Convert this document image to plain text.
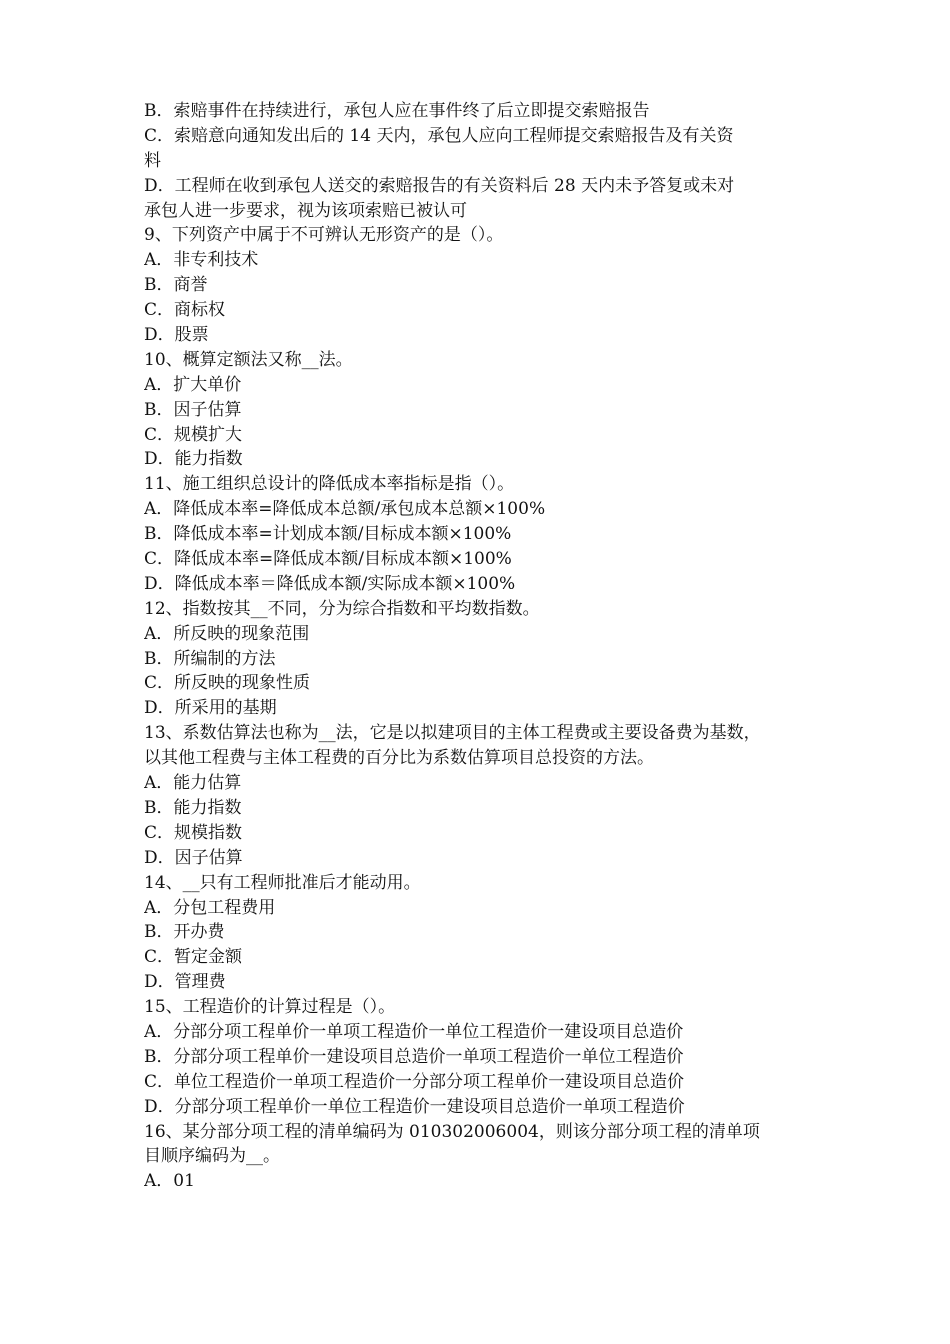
B．索赔事件在持续进行，承包人应在事件终了后立即提交索赔报告
C．索赔意向通知发出后的 14 天内，承包人应向工程师提交索赔报告及有关资
料
D．工程师在收到承包人送交的索赔报告的有关资料后 28 天内未予答复或未对
承包人进一步要求，视为该项索赔已被认可
9、下列资产中属于不可辨认无形资产的是（）。
A．非专利技术
B．商誉
C．商标权
D．股票
10、概算定额法又称__法。
A．扩大单价
B．因子估算
C．规模扩大
D．能力指数
11、施工组织总设计的降低成本率指标是指（）。
A．降低成本率=降低成本总额/承包成本总额×100%
B．降低成本率=计划成本额/目标成本额×100%
C．降低成本率=降低成本额/目标成本额×100%
D．降低成本率＝降低成本额/实际成本额×100%
12、指数按其__不同，分为综合指数和平均数指数。
A．所反映的现象范围
B．所编制的方法
C．所反映的现象性质
D．所采用的基期
13、系数估算法也称为__法，它是以拟建项目的主体工程费或主要设备费为基数，
以其他工程费与主体工程费的百分比为系数估算项目总投资的方法。
A．能力估算
B．能力指数
C．规模指数
D．因子估算
14、__只有工程师批准后才能动用。
A．分包工程费用
B．开办费
C．暂定金额
D．管理费
15、工程造价的计算过程是（）。
A．分部分项工程单价一单项工程造价一单位工程造价一建设项目总造价
B．分部分项工程单价一建设项目总造价一单项工程造价一单位工程造价
C．单位工程造价一单项工程造价一分部分项工程单价一建设项目总造价
D．分部分项工程单价一单位工程造价一建设项目总造价一单项工程造价
16、某分部分项工程的清单编码为 010302006004，则该分部分项工程的清单项
目顺序编码为__。
A．01
